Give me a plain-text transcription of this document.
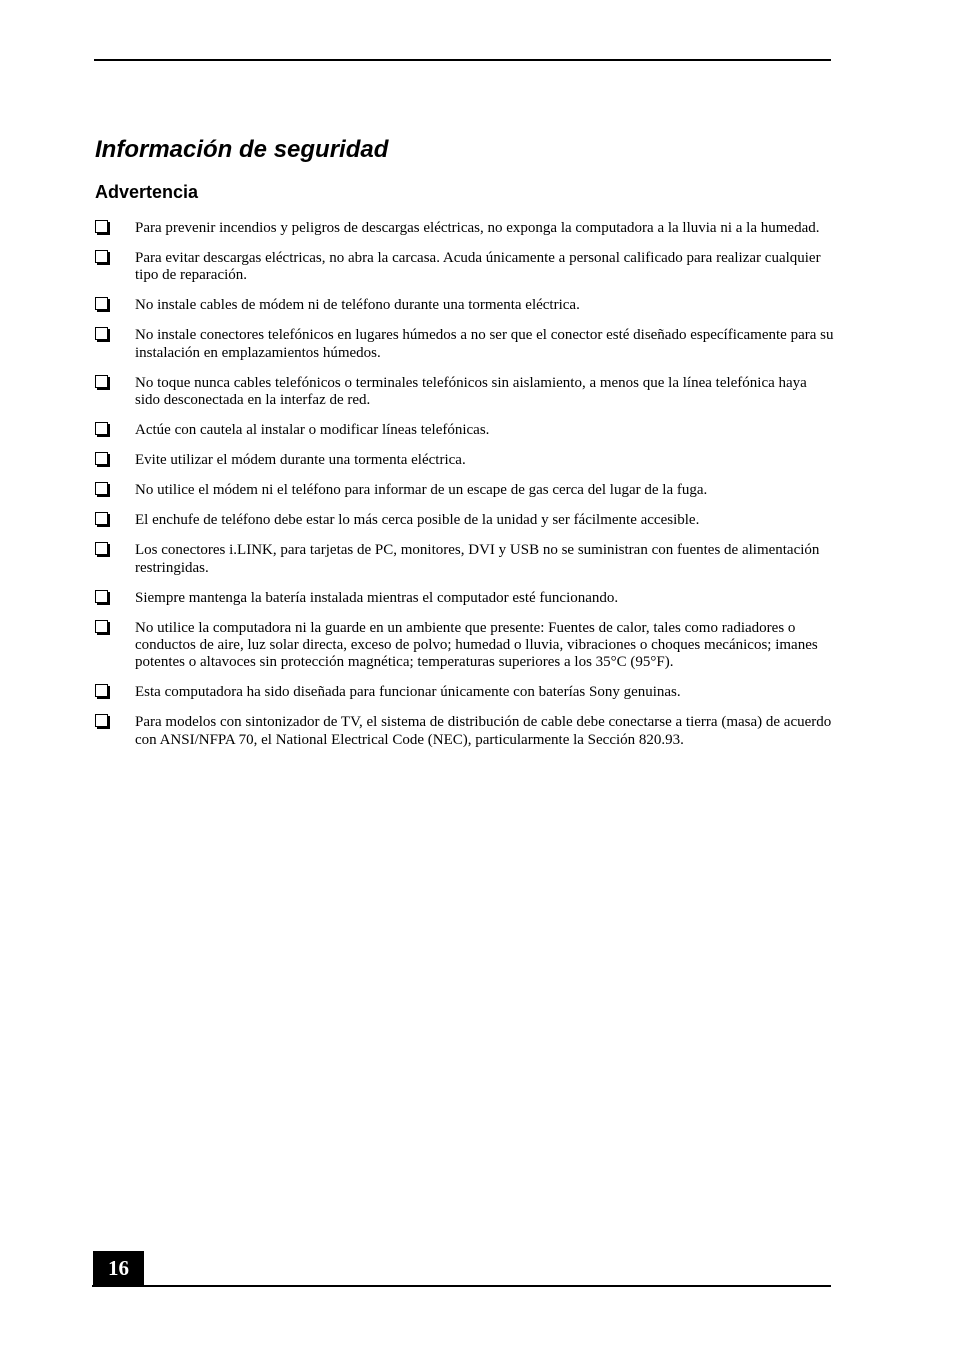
Información de seguridad
Advertencia
Para prevenir incendios y peligros de descargas eléctricas, no exponga la computadora a la lluvia ni a la humedad.
Para evitar descargas eléctricas, no abra la carcasa. Acuda únicamente a personal calificado para realizar cualquier tipo de reparación.
No instale cables de módem ni de teléfono durante una tormenta eléctrica.
No instale conectores telefónicos en lugares húmedos a no ser que el conector esté diseñado específicamente para su instalación en emplazamientos húmedos.
No toque nunca cables telefónicos o terminales telefónicos sin aislamiento, a menos que la línea telefónica haya sido desconectada en la interfaz de red.
Actúe con cautela al instalar o modificar líneas telefónicas.
Evite utilizar el módem durante una tormenta eléctrica.
No utilice el módem ni el teléfono para informar de un escape de gas cerca del lugar de la fuga.
El enchufe de teléfono debe estar lo más cerca posible de la unidad y ser fácilmente accesible.
Los conectores i.LINK, para tarjetas de PC, monitores, DVI y USB no se suministran con fuentes de alimentación restringidas.
Siempre mantenga la batería instalada mientras el computador esté funcionando.
No utilice la computadora ni la guarde en un ambiente que presente: Fuentes de calor, tales como radiadores o conductos de aire, luz solar directa, exceso de polvo; humedad o lluvia, vibraciones o choques mecánicos; imanes potentes o altavoces sin protección magnética; temperaturas superiores a los 35°C (95°F).
Esta computadora ha sido diseñada para funcionar únicamente con baterías Sony genuinas.
Para modelos con sintonizador de TV, el sistema de distribución de cable debe conectarse a tierra (masa) de acuerdo con ANSI/NFPA 70, el National Electrical Code (NEC), particularmente la Sección 820.93.
16
